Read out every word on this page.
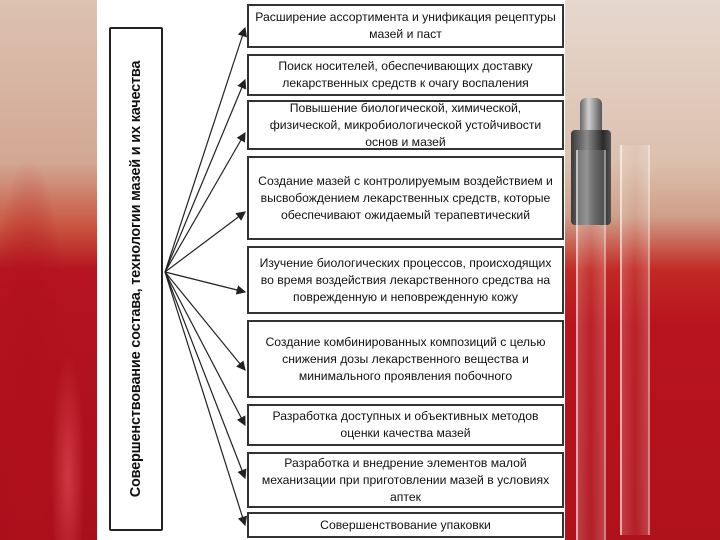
Совершенствование состава, технологии мазей и их качества
Расширение ассортимента и унификация рецептуры мазей и паст
Поиск носителей, обеспечивающих доставку лекарственных средств к очагу воспаления
Повышение биологической, химической, физической, микробиологической устойчивости основ и мазей
Создание мазей с контролируемым воздействием и высвобождением лекарственных средств, которые обеспечивают ожидаемый терапевтический
Изучение биологических процессов, происходящих во время воздействия лекарственного средства на поврежденную и неповрежденную кожу
Создание комбинированных композиций с целью снижения дозы лекарственного вещества и минимального проявления побочного
Разработка доступных и объективных методов оценки качества мазей
Разработка и внедрение элементов малой механизации при приготовлении мазей в условиях аптек
Совершенствование упаковки
